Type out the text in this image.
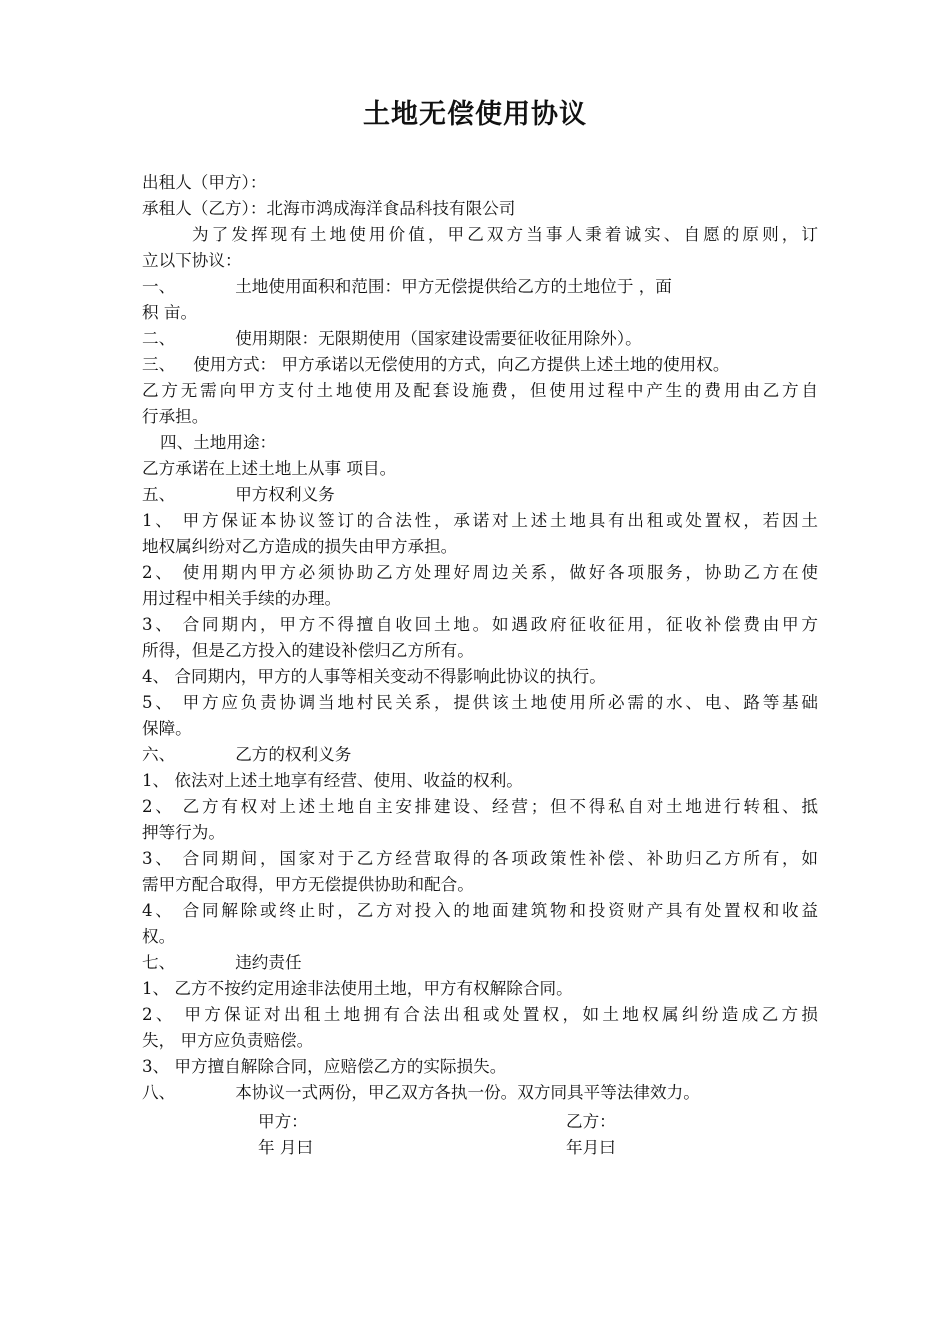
土地无偿使用协议
出租人（甲方）：
承租人（乙方）：北海市鸿成海洋食品科技有限公司
为了发挥现有土地使用价值，甲乙双方当事人秉着诚实、自愿的原则，订
立以下协议：
一、	土地使用面积和范围：甲方无偿提供给乙方的土地位于 ，面
积 亩。
二、	使用期限：无限期使用（国家建设需要征收征用除外）。
三、 使用方式： 甲方承诺以无偿使用的方式，向乙方提供上述土地的使用权。
乙方无需向甲方支付土地使用及配套设施费，但使用过程中产生的费用由乙方自
行承担。
四、土地用途：
乙方承诺在上述土地上从事 项目。
五、	甲方权利义务
1、 甲方保证本协议签订的合法性，承诺对上述土地具有出租或处置权，若因土
地权属纠纷对乙方造成的损失由甲方承担。
2、 使用期内甲方必须协助乙方处理好周边关系，做好各项服务，协助乙方在使
用过程中相关手续的办理。
3、 合同期内，甲方不得擅自收回土地。如遇政府征收征用，征收补偿费由甲方
所得，但是乙方投入的建设补偿归乙方所有。
4、 合同期内，甲方的人事等相关变动不得影响此协议的执行。
5、 甲方应负责协调当地村民关系，提供该土地使用所必需的水、电、路等基础
保障。
六、	乙方的权利义务
1、 依法对上述土地享有经营、使用、收益的权利。
2、 乙方有权对上述土地自主安排建设、经营；但不得私自对土地进行转租、抵
押等行为。
3、 合同期间，国家对于乙方经营取得的各项政策性补偿、补助归乙方所有，如
需甲方配合取得，甲方无偿提供协助和配合。
4、 合同解除或终止时，乙方对投入的地面建筑物和投资财产具有处置权和收益
权。
七、	违约责任
1、 乙方不按约定用途非法使用土地，甲方有权解除合同。
2、 甲方保证对出租土地拥有合法出租或处置权，如土地权属纠纷造成乙方损
失， 甲方应负责赔偿。
3、 甲方擅自解除合同，应赔偿乙方的实际损失。
八、	本协议一式两份，甲乙双方各执一份。双方同具平等法律效力。
甲方：
年 月曰
乙方：
年月曰
